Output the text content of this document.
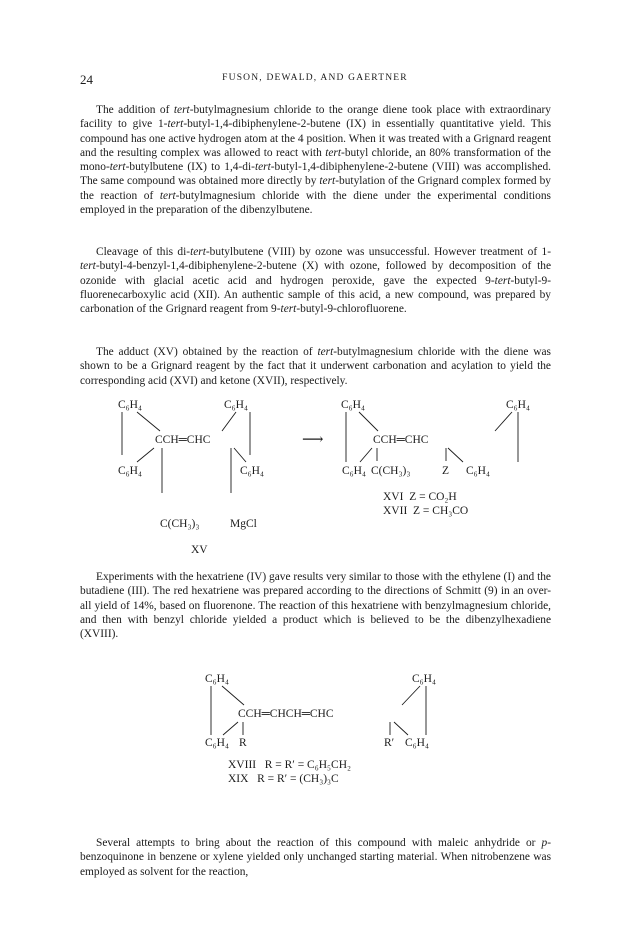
24	FUSON, DEWALD, AND GAERTNER

The addition of tert-butylmagnesium chloride to the orange diene took place with extraordinary facility to give 1-tert-butyl-1,4-dibiphenylene-2-butene (IX) in essentially quantitative yield. This compound has one active hydrogen atom at the 4 position. When it was treated with a Grignard reagent and the resulting complex was allowed to react with tert-butyl chloride, an 80% transformation of the mono-tert-butylbutene (IX) to 1,4-di-tert-butyl-1,4-dibiphenylene-2-butene (VIII) was accomplished. The same compound was obtained more directly by tert-butylation of the Grignard complex formed by the reaction of tert-butylmagnesium chloride with the diene under the experimental conditions employed in the preparation of the dibenzylbutene.

Cleavage of this di-tert-butylbutene (VIII) by ozone was unsuccessful. However treatment of 1-tert-butyl-4-benzyl-1,4-dibiphenylene-2-butene (X) with ozone, followed by decomposition of the ozonide with glacial acetic acid and hydrogen peroxide, gave the expected 9-tert-butyl-9-fluorenecarboxylic acid (XII). An authentic sample of this acid, a new compound, was prepared by carbonation of the Grignard reagent from 9-tert-butyl-9-chlorofluorene.

The adduct (XV) obtained by the reaction of tert-butylmagnesium chloride with the diene was shown to be a Grignard reagent by the fact that it underwent carbonation and acylation to yield the corresponding acid (XVI) and ketone (XVII), respectively.

Experiments with the hexatriene (IV) gave results very similar to those with the ethylene (I) and the butadiene (III). The red hexatriene was prepared according to the directions of Schmitt (9) in an over-all yield of 14%, based on fluorenone. The reaction of this hexatriene with benzylmagnesium chloride, and then with benzyl chloride yielded a product which is believed to be the dibenzylhexadiene (XVIII).

Several attempts to bring about the reaction of this compound with maleic anhydride or p-benzoquinone in benzene or xylene yielded only unchanged starting material. When nitrobenzene was employed as solvent for the reaction,

C₆H₄	C₆H₄
CCH═CHC
C₆H₄	C₆H₄
C(CH₃)₃	MgCl
XV
⟶
C₆H₄	C₆H₄
CCH═CHC
C₆H₄ C(CH₃)₃	Z C₆H₄
XVI  Z = CO₂H
XVII  Z = CH₃CO
C₆H₄	C₆H₄
CCH═CHCH═CHC
C₆H₄ R	R′ C₆H₄
XVIII   R = R′ = C₆H₅CH₂
XIX   R = R′ = (CH₃)₃C
